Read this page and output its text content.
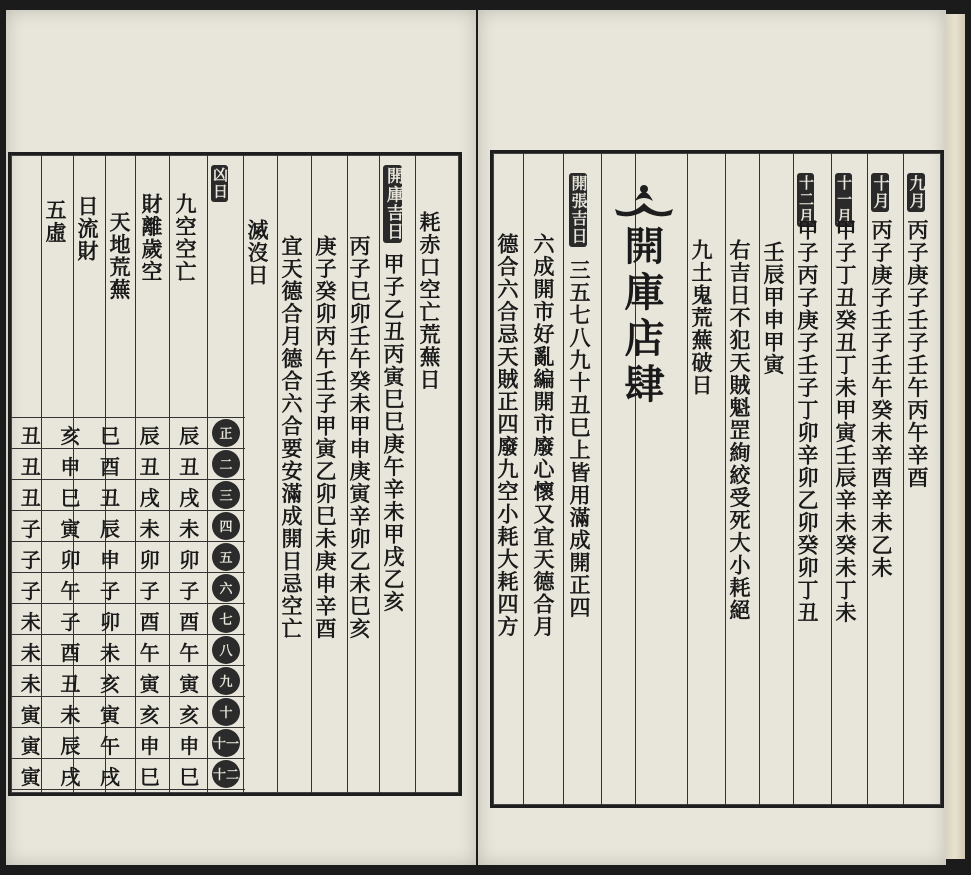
耗赤口空亡荒蕪日
開庫吉日
甲子乙丑丙寅巳巳庚午辛未甲戌乙亥
丙子巳卯壬午癸未甲申庚寅辛卯乙未巳亥
庚子癸卯丙午壬子甲寅乙卯巳未庚申辛酉
宜天德合月德合六合要安滿成開日忌空亡
滅沒日
凶日
九空空亡
財離歲空
天地荒蕪
日流財
五虛
正
二
三
四
五
六
七
八
九
十
十一
十二
辰
丑
戌
未
卯
子
酉
午
寅
亥
申
巳
辰
丑
戌
未
卯
子
酉
午
寅
亥
申
巳
巳
酉
丑
辰
申
子
卯
未
亥
寅
午
戌
亥
申
巳
寅
卯
午
子
酉
丑
未
辰
戌
丑
丑
丑
子
子
子
未
未
未
寅
寅
寅
九月
丙子庚子壬子壬午丙午辛酉
十月
丙子庚子壬子壬午癸未辛酉辛未乙未
十一月
甲子丁丑癸丑丁未甲寅壬辰辛未癸未丁未
十二月
甲子丙子庚子壬子丁卯辛卯乙卯癸卯丁丑
壬辰甲申甲寅
右吉日不犯天賊魁罡絢絞受死大小耗絕
九土鬼荒蕪破日
開庫店肆
開張吉日
三五七八九十丑巳上皆用滿成開正四
六成開市好亂編開市廢心懷又宜天德合月
德合六合忌天賊正四廢九空小耗大耗四方
